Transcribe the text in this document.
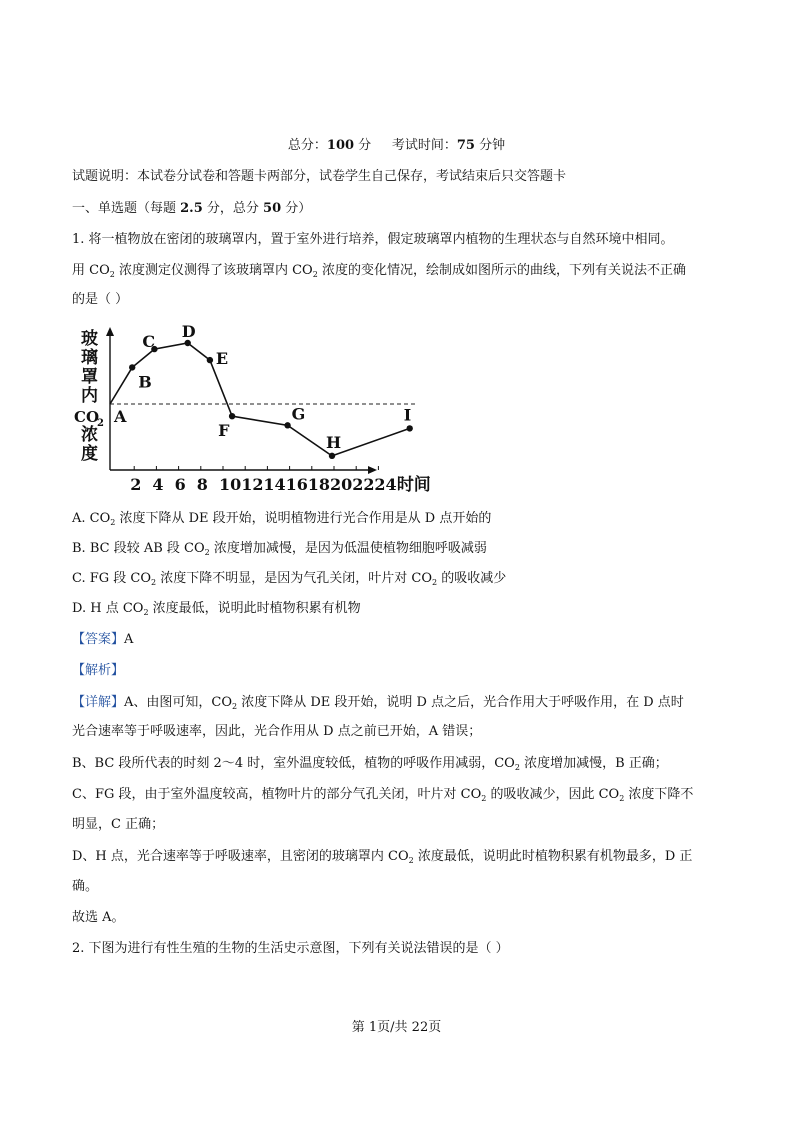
总分：100 分 考试时间：75 分钟
试题说明：本试卷分试卷和答题卡两部分，试卷学生自己保存，考试结束后只交答题卡
一、单选题（每题 2.5 分，总分 50 分）
1. 将一植物放在密闭的玻璃罩内，置于室外进行培养，假定玻璃罩内植物的生理状态与自然环境中相同。
用 $CO_2$ 浓度测定仪测得了该玻璃罩内 $CO_2$ 浓度的变化情况，绘制成如图所示的曲线，下列有关说法不正确
的是（ ）
玻
璃
罩
内
CO
2
浓
度
2 4 6 8 10 12 14 16 18 20 22 24 时间
A
B
C
D
E
F
G
H
I
A. $CO_2$ 浓度下降从 DE 段开始，说明植物进行光合作用是从 D 点开始的
B. BC 段较 AB 段 $CO_2$ 浓度增加减慢，是因为低温使植物细胞呼吸减弱
C. FG 段 $CO_2$ 浓度下降不明显，是因为气孔关闭，叶片对 $CO_2$ 的吸收减少
D. H 点 $CO_2$ 浓度最低，说明此时植物积累有机物
【答案】A
【解析】
【详解】A、由图可知，$CO_2$ 浓度下降从 DE 段开始，说明 D 点之后，光合作用大于呼吸作用，在 D 点时
光合速率等于呼吸速率，因此，光合作用从 D 点之前已开始，A 错误；
B、BC 段所代表的时刻 2～4 时，室外温度较低，植物的呼吸作用减弱，$CO_2$ 浓度增加减慢，B 正确；
C、FG 段，由于室外温度较高，植物叶片的部分气孔关闭，叶片对 $CO_2$ 的吸收减少，因此 $CO_2$ 浓度下降不
明显，C 正确；
D、H 点，光合速率等于呼吸速率，且密闭的玻璃罩内 $CO_2$ 浓度最低，说明此时植物积累有机物最多，D 正
确。
故选 A。
2. 下图为进行有性生殖的生物的生活史示意图，下列有关说法错误的是（ ）
第 1页/共 22页
